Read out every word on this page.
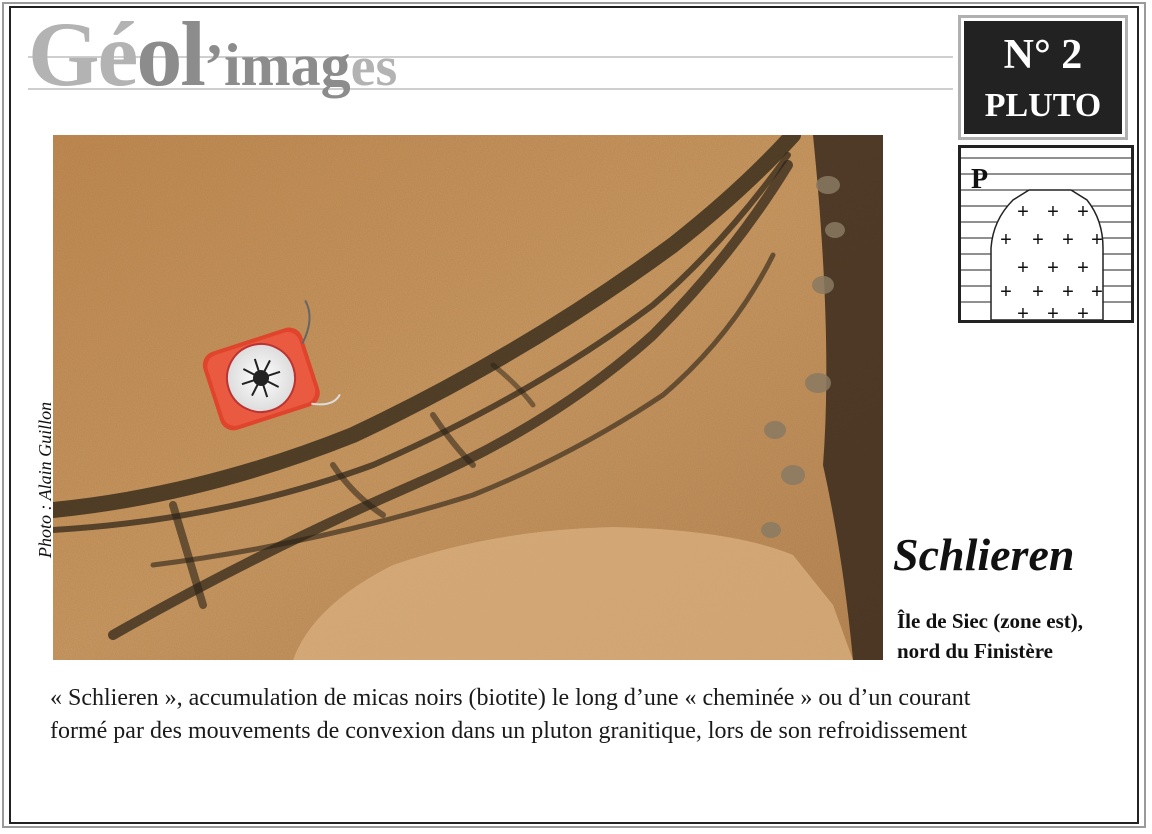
Géol’images	N° 2
PLUTO
P
+ + +
+ + + +
+ + +
+ + + +
+ + +
Photo : Alain Guillon	Schlieren
Île de Siec (zone est),
nord du Finistère
« Schlieren », accumulation de micas noirs (biotite) le long d’une « cheminée » ou d’un courant
formé par des mouvements de convexion dans un pluton granitique, lors de son refroidissement
